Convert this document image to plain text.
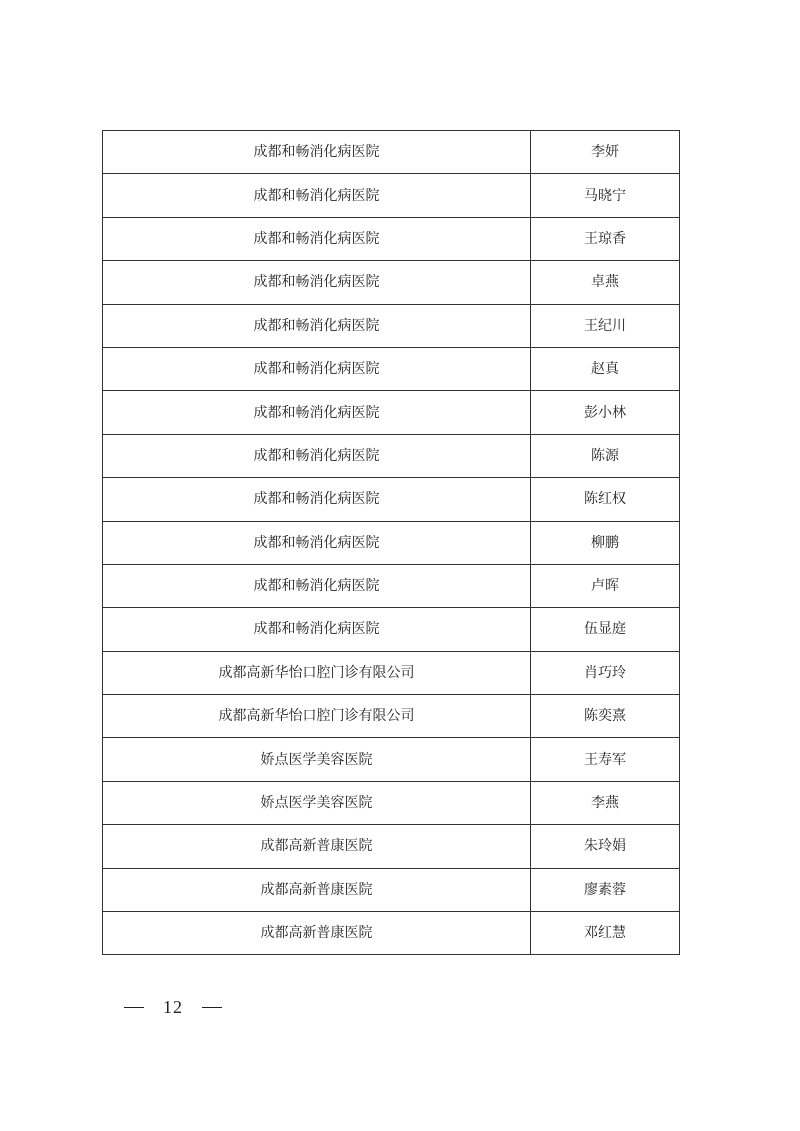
成都和畅消化病医院	李妍
成都和畅消化病医院	马晓宁
成都和畅消化病医院	王琼香
成都和畅消化病医院	卓燕
成都和畅消化病医院	王纪川
成都和畅消化病医院	赵真
成都和畅消化病医院	彭小林
成都和畅消化病医院	陈源
成都和畅消化病医院	陈红权
成都和畅消化病医院	柳鹏
成都和畅消化病医院	卢晖
成都和畅消化病医院	伍显庭
成都高新华怡口腔门诊有限公司	肖巧玲
成都高新华怡口腔门诊有限公司	陈奕熹
娇点医学美容医院	王寿军
娇点医学美容医院	李燕
成都高新普康医院	朱玲娟
成都高新普康医院	廖素蓉
成都高新普康医院	邓红慧
12
